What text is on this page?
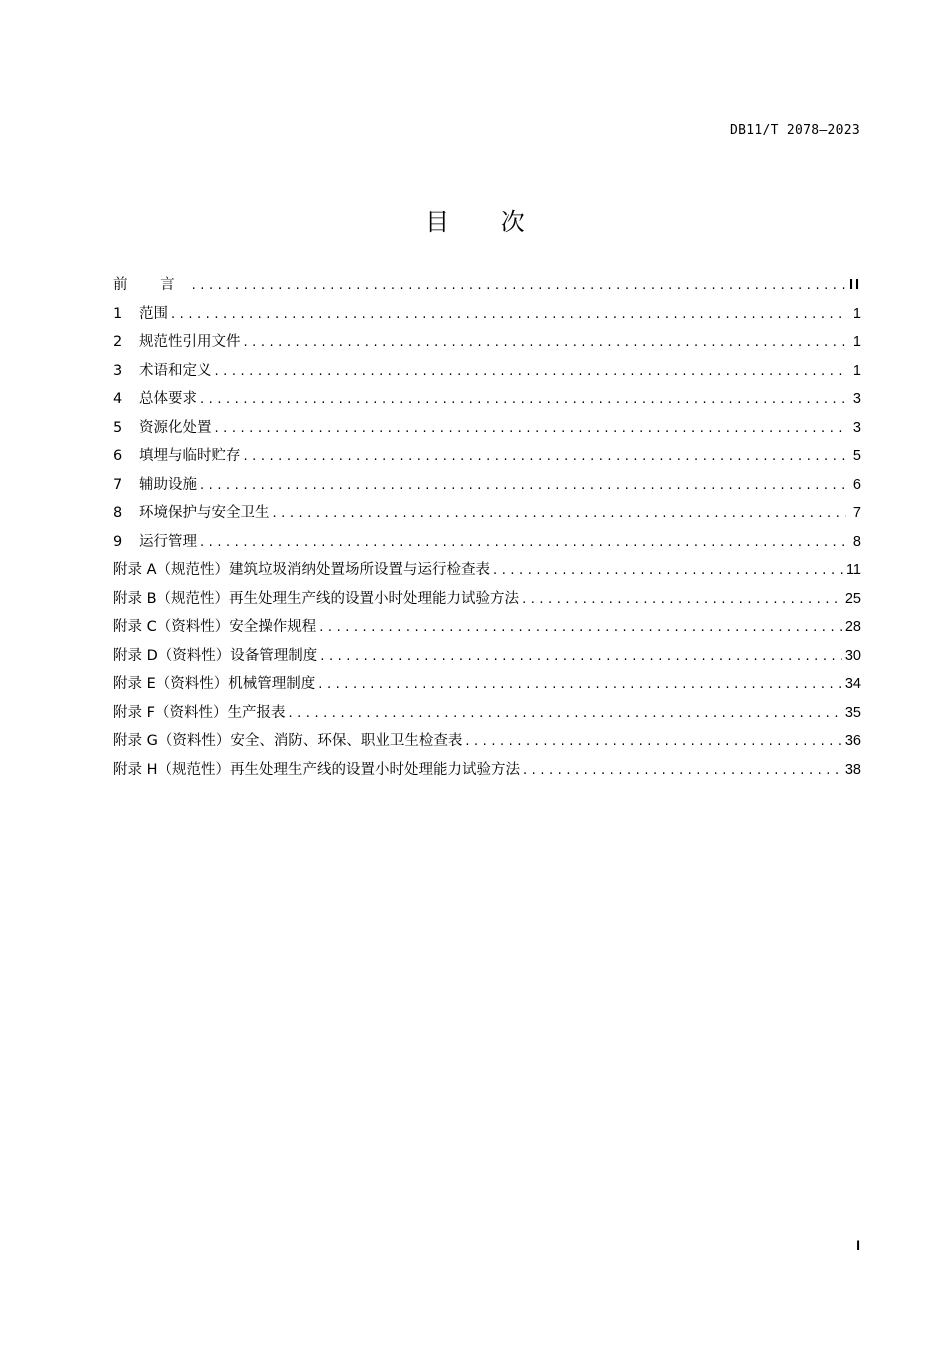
DB11/T 2078—2023
目 次
前 言 . . .	II
1	范围 . . .	1
2	规范性引用文件 . . .	1
3	术语和定义 . . .	1
4	总体要求 . . .	3
5	资源化处置 . . .	3
6	填埋与临时贮存 . . .	5
7	辅助设施 . . .	6
8	环境保护与安全卫生 . . .	7
9	运行管理 . . .	8
附录 A（规范性）建筑垃圾消纳处置场所设置与运行检查表 . . .	11
附录 B（规范性）再生处理生产线的设置小时处理能力试验方法 . . .	25
附录 C（资料性）安全操作规程 . . .	28
附录 D（资料性）设备管理制度 . . .	30
附录 E（资料性）机械管理制度 . . .	34
附录 F（资料性）生产报表 . . .	35
附录 G（资料性）安全、消防、环保、职业卫生检查表 . . .	36
附录 H（规范性）再生处理生产线的设置小时处理能力试验方法 . . .	38
I
